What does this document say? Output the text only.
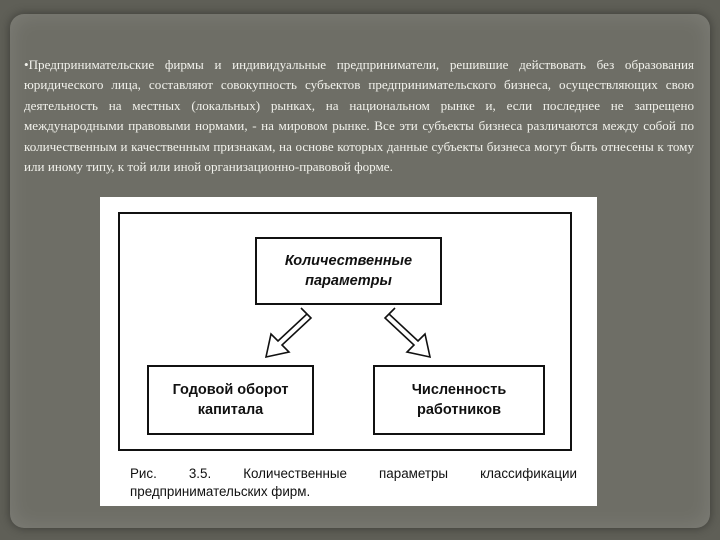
•Предпринимательские фирмы и индивидуальные предприниматели, решившие действовать без образования юридического лица, составляют совокупность субъектов предпринимательского бизнеса, осуществляющих свою деятельность на местных (локальных) рынках, на национальном рынке и, если последнее не запрещено международными правовыми нормами, - на мировом рынке. Все эти субъекты бизнеса различаются между собой по количественным и качественным признакам, на основе которых данные субъекты бизнеса могут быть отнесены к тому или иному типу, к той или иной организационно-правовой форме.

Количественные
параметры
Годовой оборот
капитала
Численность
работников
Рис. 3.5. Количественные параметры классификации
предпринимательских фирм.
